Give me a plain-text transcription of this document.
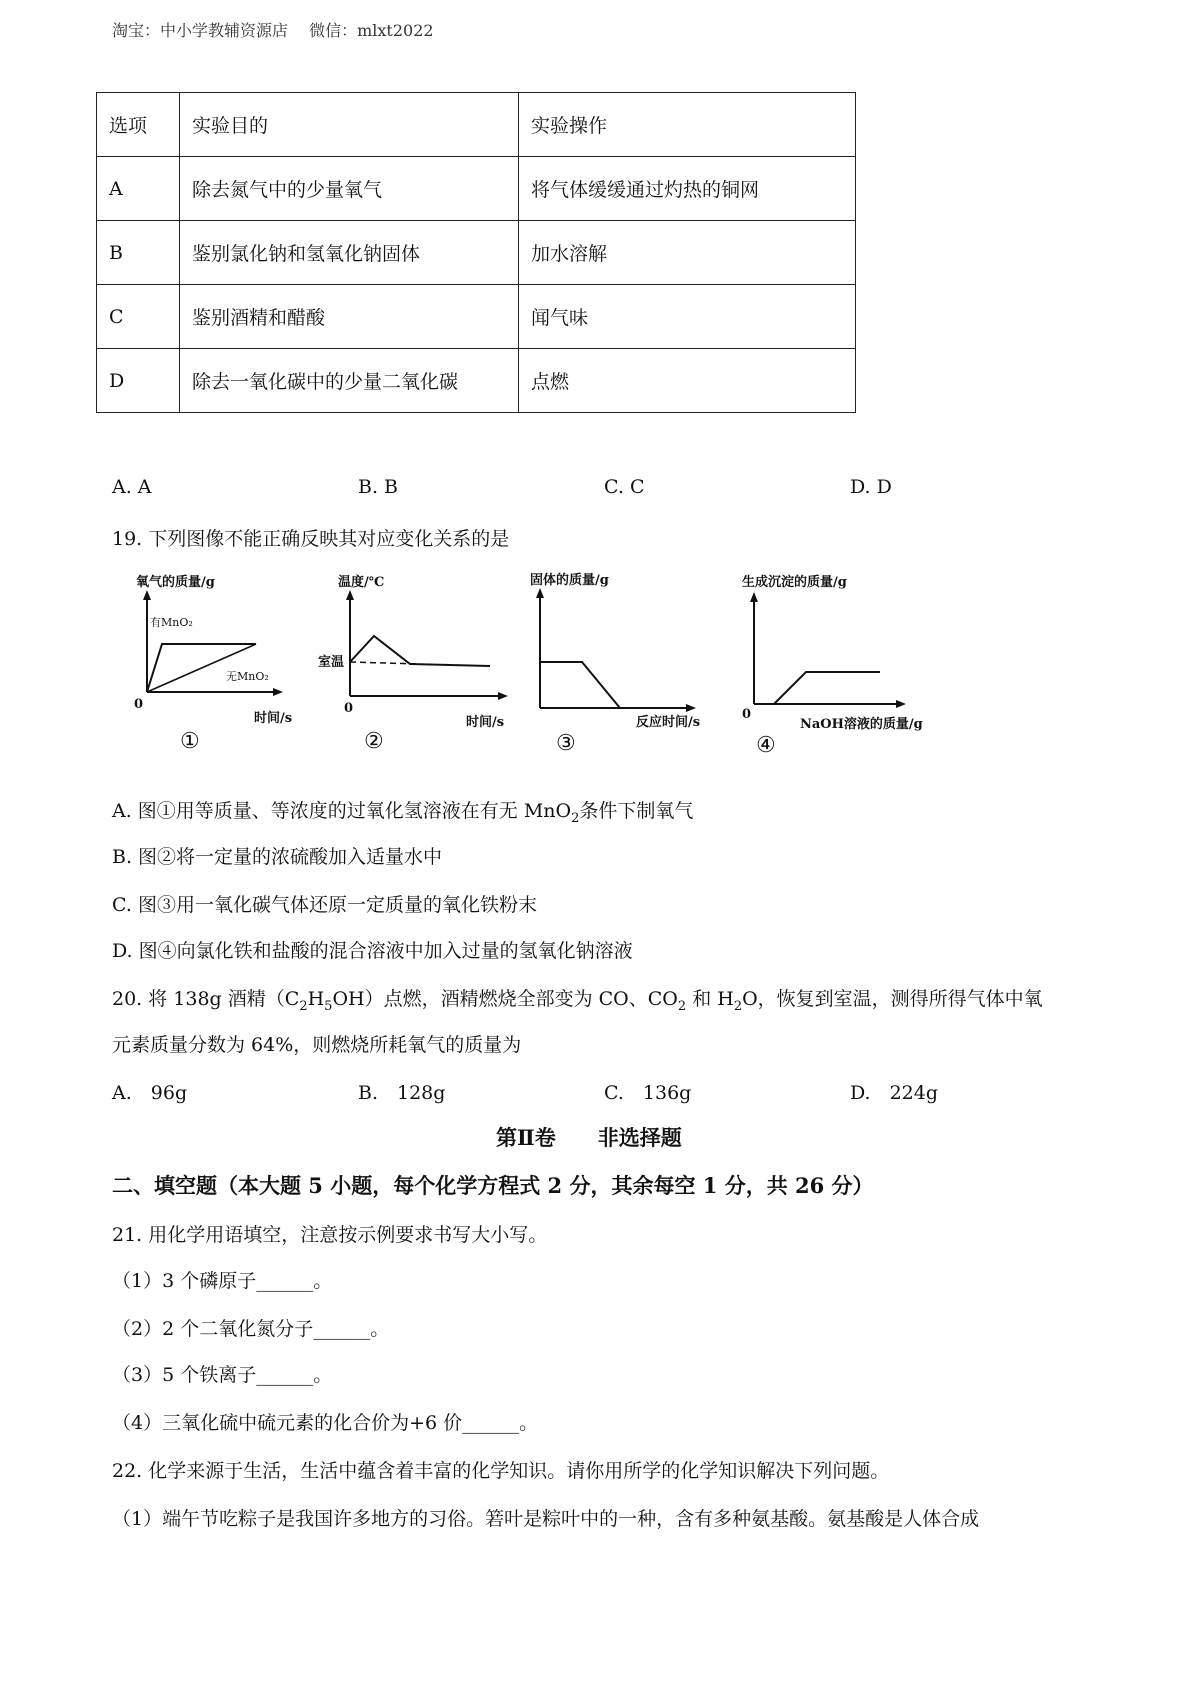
淘宝：中小学教辅资源店　 微信：mlxt2022
选项	实验目的	实验操作
A	除去氮气中的少量氧气	将气体缓缓通过灼热的铜网
B	鉴别氯化钠和氢氧化钠固体	加水溶解
C	鉴别酒精和醋酸	闻气味
D	除去一氧化碳中的少量二氧化碳	点燃
A. A	B. B	C. C	D. D
19. 下列图像不能正确反映其对应变化关系的是
氧气的质量/g
0
有MnO₂
无MnO₂
时间/s
①
温度/℃
0
室温
时间/s
②
固体的质量/g
反应时间/s
③
生成沉淀的质量/g
0
NaOH溶液的质量/g
④
A. 图①用等质量、等浓度的过氧化氢溶液在有无 MnO$_2$条件下制氧气
B. 图②将一定量的浓硫酸加入适量水中
C. 图③用一氧化碳气体还原一定质量的氧化铁粉末
D. 图④向氯化铁和盐酸的混合溶液中加入过量的氢氧化钠溶液
20. 将 138g 酒精$(C_2H_5OH)$点燃，酒精燃烧全部变为 CO、$CO_2$ 和 $H_2O$，恢复到室温，测得所得气体中氧
元素质量分数为 64%，则燃烧所耗氧气的质量为
A.　96g	B.　128g	C.　136g	D.　224g
第Ⅱ卷　　非选择题
二、填空题（本大题 5 小题，每个化学方程式 2 分，其余每空 1 分，共 26 分）
21. 用化学用语填空，注意按示例要求书写大小写。
（1）3 个磷原子______。
（2）2 个二氧化氮分子______。
（3）5 个铁离子______。
（4）三氧化硫中硫元素的化合价为+6 价______。
22. 化学来源于生活，生活中蕴含着丰富的化学知识。请你用所学的化学知识解决下列问题。
（1）端午节吃粽子是我国许多地方的习俗。箬叶是粽叶中的一种，含有多种氨基酸。氨基酸是人体合成
